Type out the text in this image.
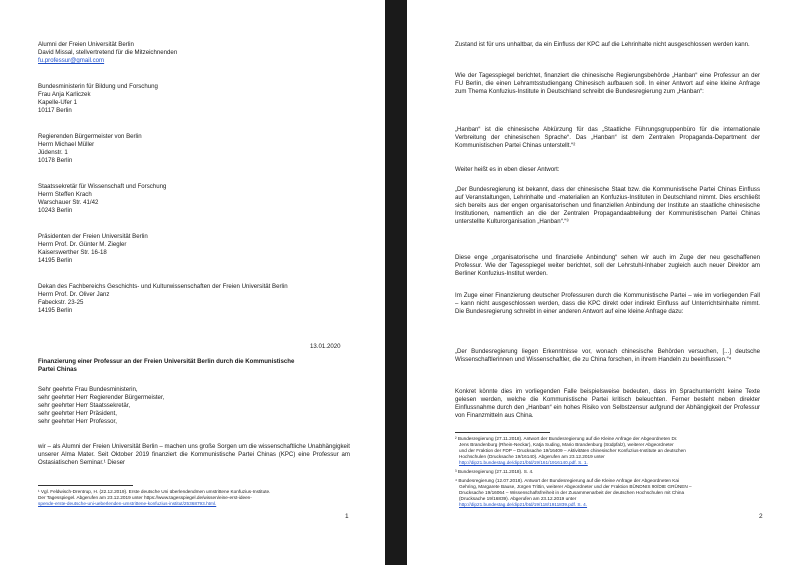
Alumni der Freien Universität Berlin
David Missal, stellvertretend für die Mitzeichnenden
fu.professur@gmail.com
Bundesministerin für Bildung und Forschung
Frau Anja Karliczek
Kapelle-Ufer 1
10117 Berlin
Regierenden Bürgermeister von Berlin
Herrn Michael Müller
Jüdenstr. 1
10178 Berlin
Staatssekretär für Wissenschaft und Forschung
Herrn Steffen Krach
Warschauer Str. 41/42
10243 Berlin
Präsidenten der Freien Universität Berlin
Herrn Prof. Dr. Günter M. Ziegler
Kaiserswerther Str. 16-18
14195 Berlin
Dekan des Fachbereichs Geschichts- und Kulturwissenschaften der Freien Universität Berlin
Herrn Prof. Dr. Oliver Janz
Fabeckstr. 23-25
14195 Berlin
13.01.2020
Finanzierung einer Professur an der Freien Universität Berlin durch die Kommunistische
Partei Chinas
Sehr geehrte Frau Bundesministerin,
sehr geehrter Herr Regierender Bürgermeister,
sehr geehrter Herr Staatssekretär,
sehr geehrter Herr Präsident,
sehr geehrter Herr Professor,
wir – als Alumni der Freien Universität Berlin – machen uns große Sorgen um die wissenschaftliche Unabhängigkeit unserer Alma Mater. Seit Oktober 2019 finanziert die Kommunistische Partei Chinas (KPC) eine Professur am Ostasiatischen Seminar.¹ Dieser
¹ Vgl. Feldwisch-Drentrup, H. (22.12.2019). Erste deutsche Uni überlendendmen umstrittene Konfuzius-Institute.
Der Tagesspiegel. Abgerufen am 23.12.2019 unter https://www.tagesspiegel.de/wissen/eine-erst-ideen-
spende-erste-deutsche-uni-ueberlenden-umstrittene-konfuzius-institut/25368793.html.
1
Zustand ist für uns unhaltbar, da ein Einfluss der KPC auf die Lehrinhalte nicht ausgeschlossen werden kann.
Wie der Tagesspiegel berichtet, finanziert die chinesische Regierungsbehörde „Hanban“ eine Professur an der FU Berlin, die einen Lehramtsstudiengang Chinesisch aufbauen soll. In einer Antwort auf eine kleine Anfrage zum Thema Konfuzius-Institute in Deutschland schreibt die Bundesregierung zum „Hanban“:
„Hanban“ ist die chinesische Abkürzung für das „Staatliche Führungsgruppenbüro für die internationale Verbreitung der chinesischen Sprache“. Das „Hanban“ ist dem Zentralen Propaganda-Department der Kommunistischen Partei Chinas unterstellt.“²
Weiter heißt es in eben dieser Antwort:
„Der Bundesregierung ist bekannt, dass der chinesische Staat bzw. die Kommunistische Partei Chinas Einfluss auf Veranstaltungen, Lehrinhalte und -materialien an Konfuzius-Instituten in Deutschland nimmt. Dies erschließt sich bereits aus der engen organisatorischen und finanziellen Anbindung der Institute an staatliche chinesische Institutionen, namentlich an die der Zentralen Propagandaabteilung der Kommunistischen Partei Chinas unterstellte Kulturorganisation „Hanban“.“³
Diese enge „organisatorische und finanzielle Anbindung“ sehen wir auch im Zuge der neu geschaffenen Professur. Wie der Tagesspiegel weiter berichtet, soll der Lehrstuhl-Inhaber zugleich auch neuer Direktor am Berliner Konfuzius-Institut werden.
Im Zuge einer Finanzierung deutscher Professuren durch die Kommunistische Partei – wie im vorliegenden Fall – kann nicht ausgeschlossen werden, dass die KPC direkt oder indirekt Einfluss auf Unterrichtsinhalte nimmt. Die Bundesregierung schreibt in einer anderen Antwort auf eine kleine Anfrage dazu:
„Der Bundesregierung liegen Erkenntnisse vor, wonach chinesische Behörden versuchen, [...] deutsche Wissenschaftlerinnen und Wissenschaftler, die zu China forschen, in ihrem Handeln zu beeinflussen.“⁴
Konkret könnte dies im vorliegenden Falle beispielsweise bedeuten, dass im Sprachunterricht keine Texte gelesen werden, welche die Kommunistische Partei kritisch beleuchten. Ferner besteht neben direkter Einflussnahme durch den „Hanban“ ein hohes Risiko von Selbstzensur aufgrund der Abhängigkeit der Professur von Finanzmitteln aus China.
² Bundesregierung (27.11.2018). Antwort der Bundesregierung auf die Kleine Anfrage der Abgeordneten Dr.
Jens Brandenburg (Rhein-Neckar), Katja Suding, Mario Brandenburg (Südpfalz), weiterer Abgeordneter
und der Fraktion der FDP – Drucksache 19/16409 – Aktivitäten chinesischer Konfuzius-Institute an deutschen
Hochschulen (Drucksache 19/16140). Abgerufen am 23.12.2019 unter
http://dip21.bundestag.de/dip21/btd/19/161/1916140.pdf. S. 1.
³ Bundesregierung (27.11.2018). S. 4.
⁴ Bundesregierung (12.07.2018). Antwort der Bundesregierung auf die Kleine Anfrage der Abgeordneten Kai
Gehring, Margarete Bause, Jürgen Trittin, weiterer Abgeordneter und der Fraktion BÜNDNIS 90/DIE GRÜNEN –
Drucksache 19/16064 – Wissenschaftsfreiheit in der Zusammenarbeit der deutschen Hochschulen mit China
(Drucksache 19/16839). Abgerufen am 23.12.2019 unter
http://dip21.bundestag.de/dip21/btd/19/118/1911839.pdf. S. 4.
2
